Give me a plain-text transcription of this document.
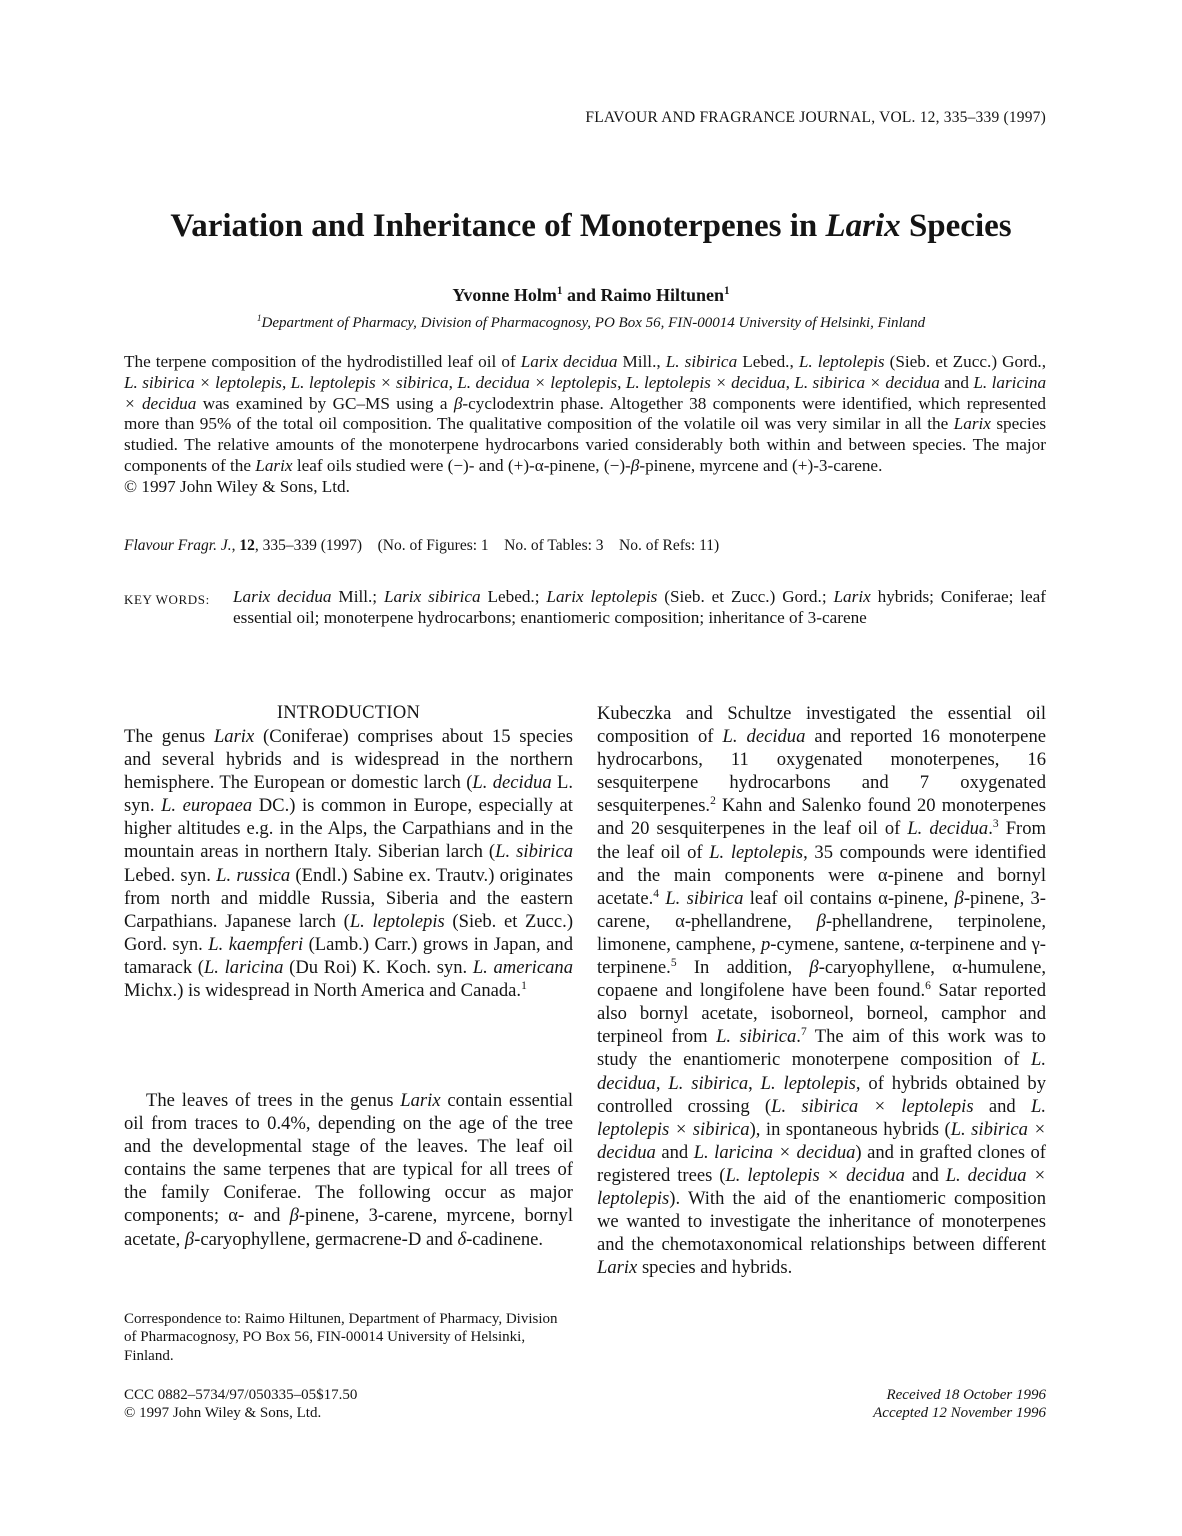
FLAVOUR AND FRAGRANCE JOURNAL, VOL. 12, 335–339 (1997)
Variation and Inheritance of Monoterpenes in Larix Species
Yvonne Holm$^1$ and Raimo Hiltunen$^1$
$^1$Department of Pharmacy, Division of Pharmacognosy, PO Box 56, FIN-00014 University of Helsinki, Finland

The terpene composition of the hydrodistilled leaf oil of Larix decidua Mill., L. sibirica Lebed., L. leptolepis (Sieb. et Zucc.) Gord., L. sibirica × leptolepis, L. leptolepis × sibirica, L. decidua × leptolepis, L. leptolepis × decidua, L. sibirica × decidua and L. laricina × decidua was examined by GC–MS using a β-cyclodextrin phase. Altogether 38 components were identified, which represented more than 95% of the total oil composition. The qualitative composition of the volatile oil was very similar in all the Larix species studied. The relative amounts of the monoterpene hydrocarbons varied considerably both within and between species. The major components of the Larix leaf oils studied were (−)- and (+)-α-pinene, (−)-β-pinene, myrcene and (+)-3-carene.
© 1997 John Wiley & Sons, Ltd.

Flavour Fragr. J., 12, 335–339 (1997)    (No. of Figures: 1    No. of Tables: 3    No. of Refs: 11)
KEY WORDS: Larix decidua Mill.; Larix sibirica Lebed.; Larix leptolepis (Sieb. et Zucc.) Gord.; Larix hybrids; Coniferae; leaf essential oil; monoterpene hydrocarbons; enantiomeric composition; inheritance of 3-carene

INTRODUCTION

The genus Larix (Coniferae) comprises about 15 species and several hybrids and is widespread in the northern hemisphere. The European or domestic larch (L. decidua L. syn. L. europaea DC.) is common in Europe, especially at higher altitudes e.g. in the Alps, the Carpathians and in the mountain areas in northern Italy. Siberian larch (L. sibirica Lebed. syn. L. russica (Endl.) Sabine ex. Trautv.) originates from north and middle Russia, Siberia and the eastern Carpathians. Japanese larch (L. leptolepis (Sieb. et Zucc.) Gord. syn. L. kaempferi (Lamb.) Carr.) grows in Japan, and tamarack (L. laricina (Du Roi) K. Koch. syn. L. americana Michx.) is widespread in North America and Canada.$^1$

The leaves of trees in the genus Larix contain essential oil from traces to 0.4%, depending on the age of the tree and the developmental stage of the leaves. The leaf oil contains the same terpenes that are typical for all trees of the family Coniferae. The following occur as major components; α- and β-pinene, 3-carene, myrcene, bornyl acetate, β-caryophyllene, germacrene-D and δ-cadinene.

Kubeczka and Schultze investigated the essential oil composition of L. decidua and reported 16 monoterpene hydrocarbons, 11 oxygenated monoterpenes, 16 sesquiterpene hydrocarbons and 7 oxygenated sesquiterpenes.$^2$ Kahn and Salenko found 20 monoterpenes and 20 sesquiterpenes in the leaf oil of L. decidua.$^3$ From the leaf oil of L. leptolepis, 35 compounds were identified and the main components were α-pinene and bornyl acetate.$^4$ L. sibirica leaf oil contains α-pinene, β-pinene, 3-carene, α-phellandrene, β-phellandrene, terpinolene, limonene, camphene, p-cymene, santene, α-terpinene and γ-terpinene.$^5$ In addition, β-caryophyllene, α-humulene, copaene and longifolene have been found.$^6$ Satar reported also bornyl acetate, isoborneol, borneol, camphor and terpineol from L. sibirica.$^7$ The aim of this work was to study the enantiomeric monoterpene composition of L. decidua, L. sibirica, L. leptolepis, of hybrids obtained by controlled crossing (L. sibirica × leptolepis and L. leptolepis × sibirica), in spontaneous hybrids (L. sibirica × decidua and L. laricina × decidua) and in grafted clones of registered trees (L. leptolepis × decidua and L. decidua × leptolepis). With the aid of the enantiomeric composition we wanted to investigate the inheritance of monoterpenes and the chemotaxonomical relationships between different Larix species and hybrids.

Correspondence to: Raimo Hiltunen, Department of Pharmacy, Division of Pharmacognosy, PO Box 56, FIN-00014 University of Helsinki, Finland.

CCC 0882–5734/97/050335–05$17.50
© 1997 John Wiley & Sons, Ltd.

Received 18 October 1996
Accepted 12 November 1996
